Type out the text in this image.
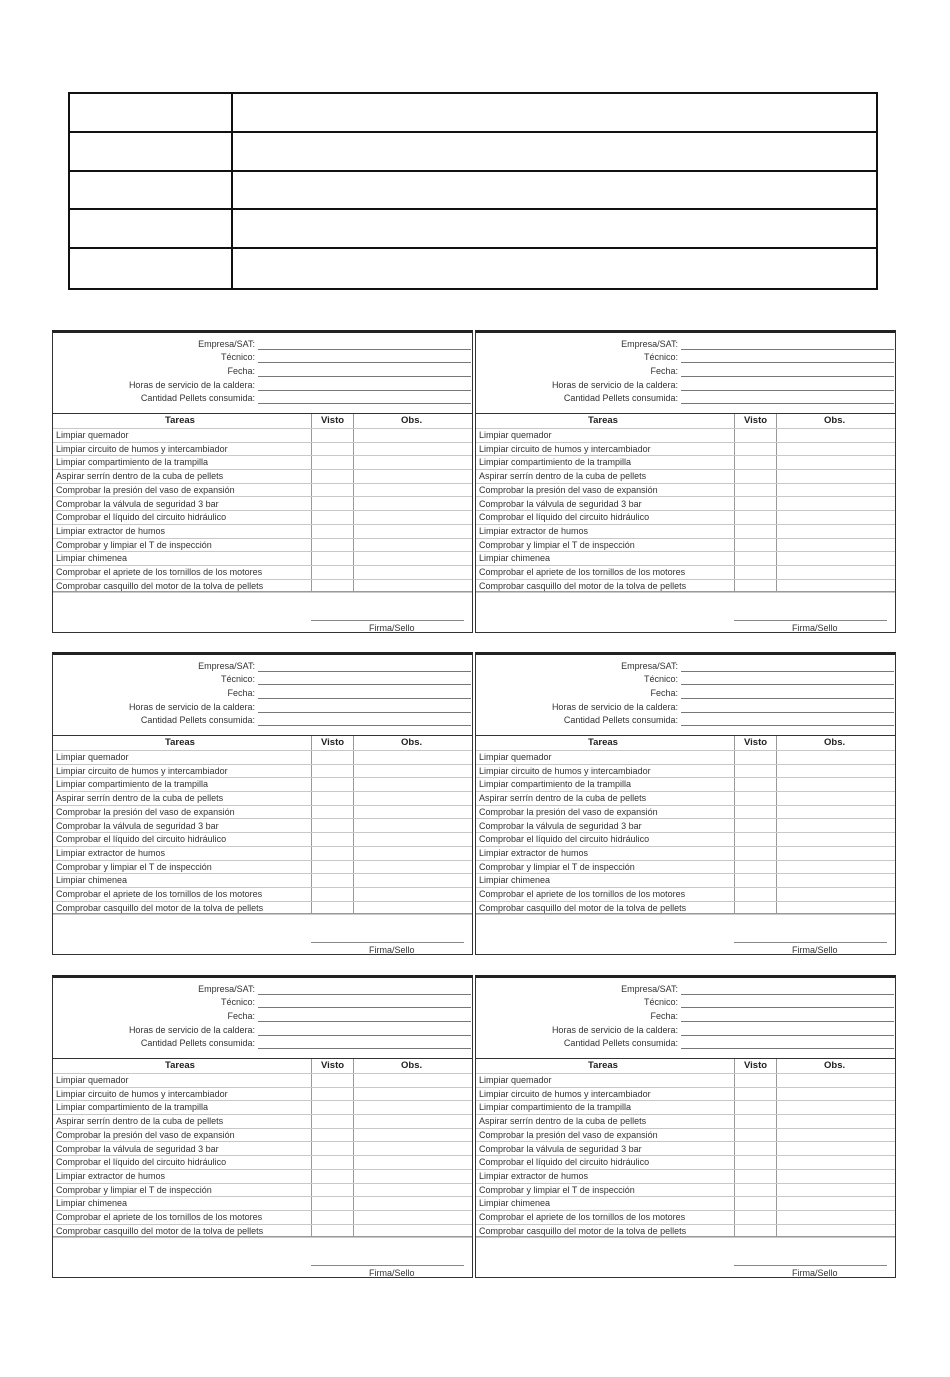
Empresa/SAT:
Técnico:
Fecha:
Horas de servicio de la caldera:
Cantidad Pellets consumida:
Tareas	Visto	Obs.
Limpiar quemador
Limpiar circuito de humos y intercambiador
Limpiar compartimiento de la trampilla
Aspirar serrín dentro de la cuba de pellets
Comprobar la presión del vaso de expansión
Comprobar la válvula de seguridad 3 bar
Comprobar el líquido del circuito hidráulico
Limpiar extractor de humos
Comprobar y limpiar el T de inspección
Limpiar chimenea
Comprobar el apriete de los tornillos de los motores
Comprobar casquillo del motor de la tolva de pellets
Firma/Sello
Empresa/SAT:
Técnico:
Fecha:
Horas de servicio de la caldera:
Cantidad Pellets consumida:
Tareas	Visto	Obs.
Limpiar quemador
Limpiar circuito de humos y intercambiador
Limpiar compartimiento de la trampilla
Aspirar serrín dentro de la cuba de pellets
Comprobar la presión del vaso de expansión
Comprobar la válvula de seguridad 3 bar
Comprobar el líquido del circuito hidráulico
Limpiar extractor de humos
Comprobar y limpiar el T de inspección
Limpiar chimenea
Comprobar el apriete de los tornillos de los motores
Comprobar casquillo del motor de la tolva de pellets
Firma/Sello
Empresa/SAT:
Técnico:
Fecha:
Horas de servicio de la caldera:
Cantidad Pellets consumida:
Tareas	Visto	Obs.
Limpiar quemador
Limpiar circuito de humos y intercambiador
Limpiar compartimiento de la trampilla
Aspirar serrín dentro de la cuba de pellets
Comprobar la presión del vaso de expansión
Comprobar la válvula de seguridad 3 bar
Comprobar el líquido del circuito hidráulico
Limpiar extractor de humos
Comprobar y limpiar el T de inspección
Limpiar chimenea
Comprobar el apriete de los tornillos de los motores
Comprobar casquillo del motor de la tolva de pellets
Firma/Sello
Empresa/SAT:
Técnico:
Fecha:
Horas de servicio de la caldera:
Cantidad Pellets consumida:
Tareas	Visto	Obs.
Limpiar quemador
Limpiar circuito de humos y intercambiador
Limpiar compartimiento de la trampilla
Aspirar serrín dentro de la cuba de pellets
Comprobar la presión del vaso de expansión
Comprobar la válvula de seguridad 3 bar
Comprobar el líquido del circuito hidráulico
Limpiar extractor de humos
Comprobar y limpiar el T de inspección
Limpiar chimenea
Comprobar el apriete de los tornillos de los motores
Comprobar casquillo del motor de la tolva de pellets
Firma/Sello
Empresa/SAT:
Técnico:
Fecha:
Horas de servicio de la caldera:
Cantidad Pellets consumida:
Tareas	Visto	Obs.
Limpiar quemador
Limpiar circuito de humos y intercambiador
Limpiar compartimiento de la trampilla
Aspirar serrín dentro de la cuba de pellets
Comprobar la presión del vaso de expansión
Comprobar la válvula de seguridad 3 bar
Comprobar el líquido del circuito hidráulico
Limpiar extractor de humos
Comprobar y limpiar el T de inspección
Limpiar chimenea
Comprobar el apriete de los tornillos de los motores
Comprobar casquillo del motor de la tolva de pellets
Firma/Sello
Empresa/SAT:
Técnico:
Fecha:
Horas de servicio de la caldera:
Cantidad Pellets consumida:
Tareas	Visto	Obs.
Limpiar quemador
Limpiar circuito de humos y intercambiador
Limpiar compartimiento de la trampilla
Aspirar serrín dentro de la cuba de pellets
Comprobar la presión del vaso de expansión
Comprobar la válvula de seguridad 3 bar
Comprobar el líquido del circuito hidráulico
Limpiar extractor de humos
Comprobar y limpiar el T de inspección
Limpiar chimenea
Comprobar el apriete de los tornillos de los motores
Comprobar casquillo del motor de la tolva de pellets
Firma/Sello
